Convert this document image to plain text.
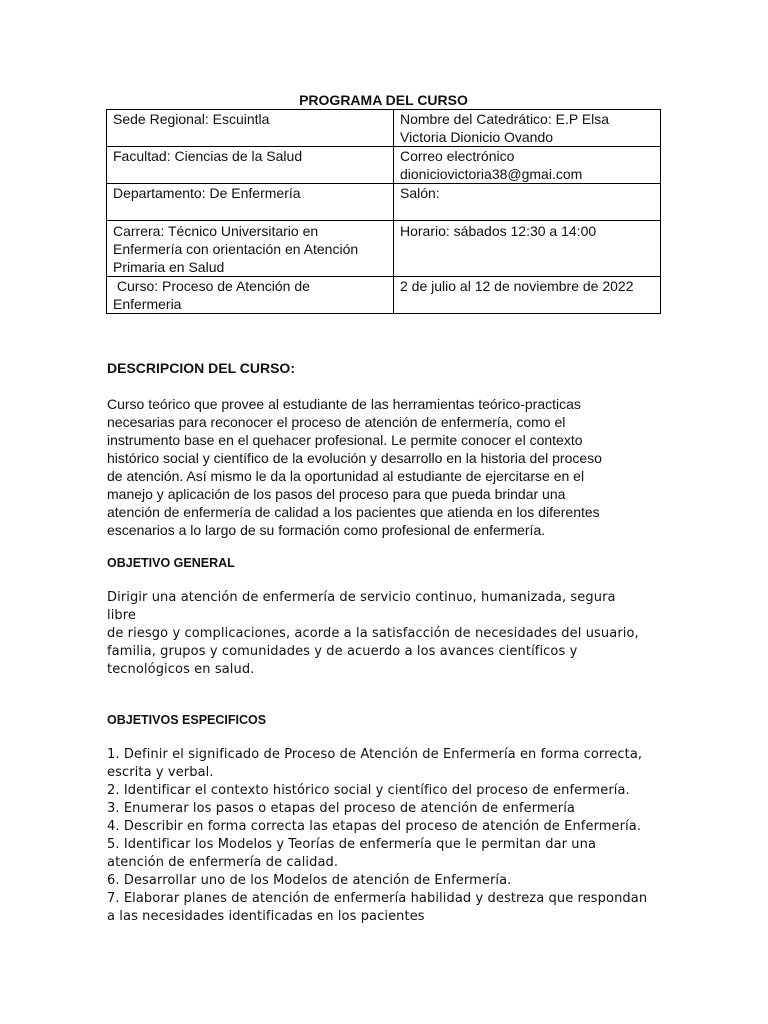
PROGRAMA DEL CURSO
Sede Regional: Escuintla	Nombre del Catedrático: E.P Elsa
Victoria Dionicio Ovando

Facultad: Ciencias de la Salud	Correo electrónico
dioniciovictoria38@gmai.com

Departamento: De Enfermería	Salón:

Carrera: Técnico Universitario en
Enfermería con orientación en Atención
Primaria en Salud	Horario: sábados 12:30 a 14:00

Curso: Proceso de Atención de
Enfermeria	2 de julio al 12 de noviembre de 2022
DESCRIPCION DEL CURSO:
Curso teórico que provee al estudiante de las herramientas teórico-practicas
necesarias para reconocer el proceso de atención de enfermería, como el
instrumento base en el quehacer profesional. Le permite conocer el contexto
histórico social y científico de la evolución y desarrollo en la historia del proceso
de atención. Así mismo le da la oportunidad al estudiante de ejercitarse en el
manejo y aplicación de los pasos del proceso para que pueda brindar una
atención de enfermería de calidad a los pacientes que atienda en los diferentes
escenarios a lo largo de su formación como profesional de enfermería.
OBJETIVO GENERAL
Dirigir una atención de enfermería de servicio continuo, humanizada, segura
libre
de riesgo y complicaciones, acorde a la satisfacción de necesidades del usuario,
familia, grupos y comunidades y de acuerdo a los avances científicos y
tecnológicos en salud.
OBJETIVOS ESPECIFICOS
1. Definir el significado de Proceso de Atención de Enfermería en forma correcta,
escrita y verbal.
2. Identificar el contexto histórico social y científico del proceso de enfermería.
3. Enumerar los pasos o etapas del proceso de atención de enfermería
4. Describir en forma correcta las etapas del proceso de atención de Enfermería.
5. Identificar los Modelos y Teorías de enfermería que le permitan dar una
atención de enfermería de calidad.
6. Desarrollar uno de los Modelos de atención de Enfermería.
7. Elaborar planes de atención de enfermería habilidad y destreza que respondan
a las necesidades identificadas en los pacientes
